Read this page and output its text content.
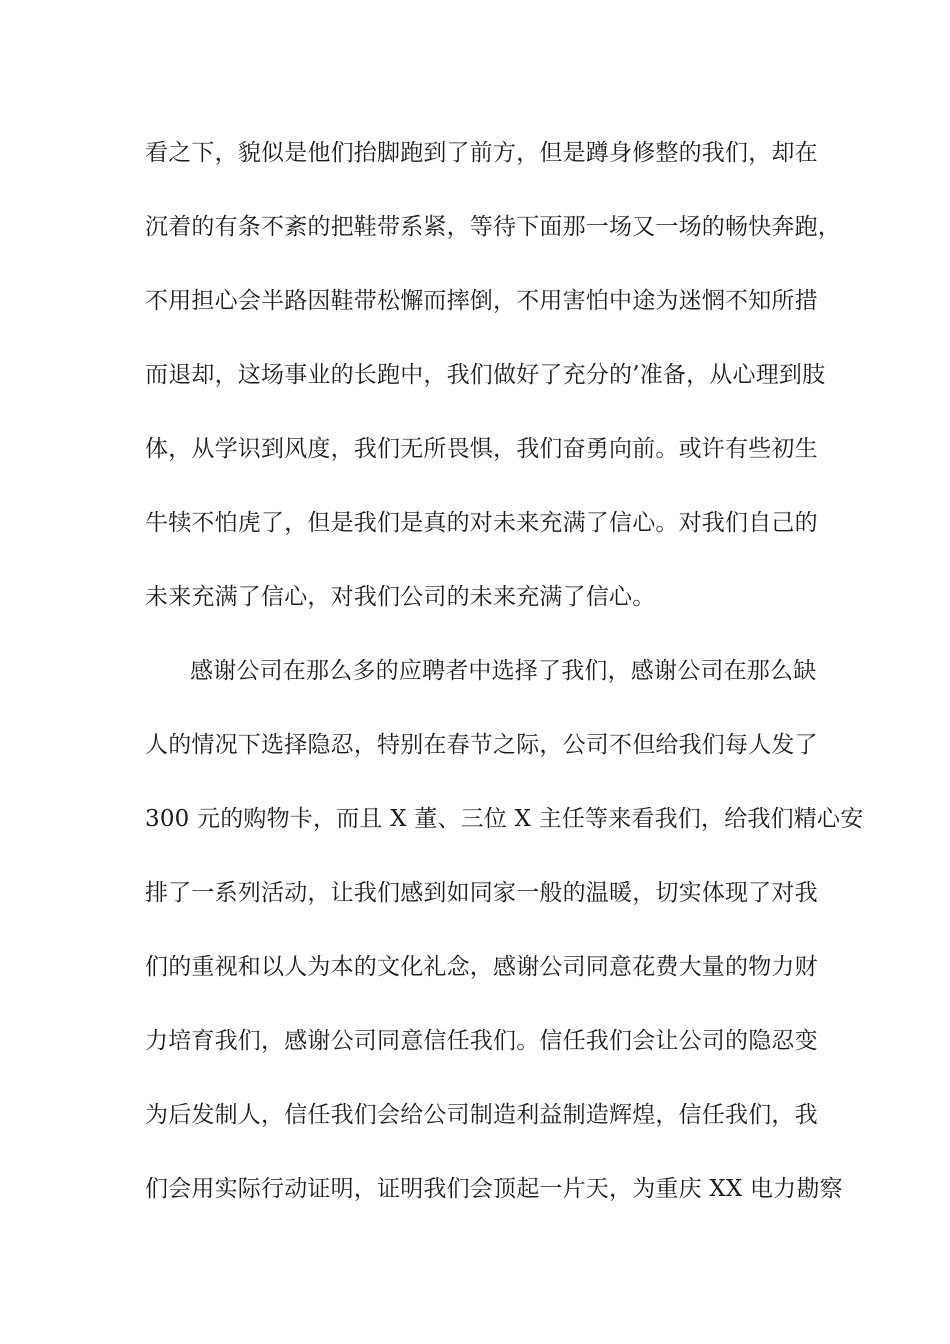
看之下，貌似是他们抬脚跑到了前方，但是蹲身修整的我们，却在
沉着的有条不紊的把鞋带系紧，等待下面那一场又一场的畅快奔跑，
不用担心会半路因鞋带松懈而摔倒，不用害怕中途为迷惘不知所措
而退却，这场事业的长跑中，我们做好了充分的’准备，从心理到肢
体，从学识到风度，我们无所畏惧，我们奋勇向前。或许有些初生
牛犊不怕虎了，但是我们是真的对未来充满了信心。对我们自己的
未来充满了信心，对我们公司的未来充满了信心。
感谢公司在那么多的应聘者中选择了我们，感谢公司在那么缺
人的情况下选择隐忍，特别在春节之际，公司不但给我们每人发了
300 元的购物卡，而且 X 董、三位 X 主任等来看我们，给我们精心安
排了一系列活动，让我们感到如同家一般的温暖，切实体现了对我
们的重视和以人为本的文化礼念，感谢公司同意花费大量的物力财
力培育我们，感谢公司同意信任我们。信任我们会让公司的隐忍变
为后发制人，信任我们会给公司制造利益制造辉煌，信任我们，我
们会用实际行动证明，证明我们会顶起一片天，为重庆 XX 电力勘察
